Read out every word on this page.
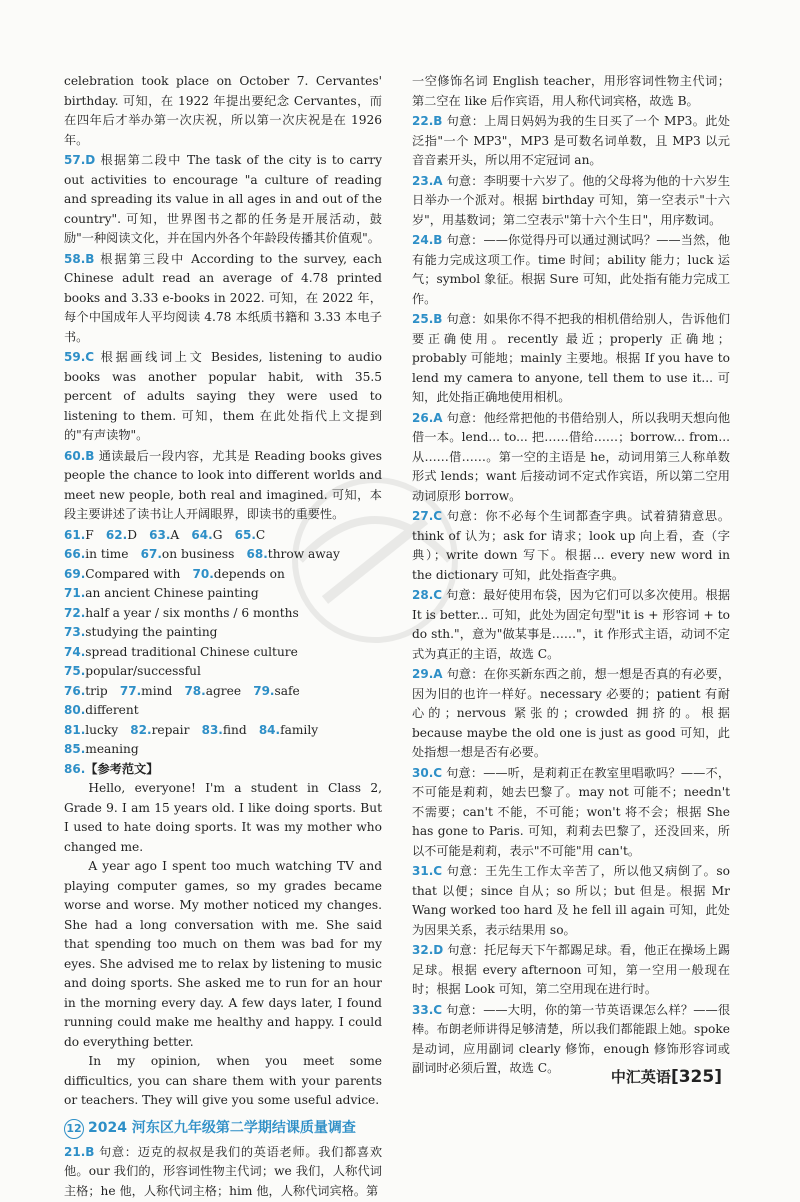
celebration took place on October 7. Cervantes' birthday. 可知，在 1922 年提出要纪念 Cervantes，而在四年后才举办第一次庆祝，所以第一次庆祝是在 1926 年。

57.D 根据第二段中 The task of the city is to carry out activities to encourage "a culture of reading and spreading its value in all ages in and out of the country". 可知，世界图书之都的任务是开展活动，鼓励"一种阅读文化，并在国内外各个年龄段传播其价值观"。

58.B 根据第三段中 According to the survey, each Chinese adult read an average of 4.78 printed books and 3.33 e-books in 2022. 可知，在 2022 年，每个中国成年人平均阅读 4.78 本纸质书籍和 3.33 本电子书。

59.C 根据画线词上文 Besides, listening to audio books was another popular habit, with 35.5 percent of adults saying they were used to listening to them. 可知，them 在此处指代上文提到的"有声读物"。

60.B 通读最后一段内容，尤其是 Reading books gives people the chance to look into different worlds and meet new people, both real and imagined. 可知，本段主要讲述了读书让人开阔眼界，即读书的重要性。

61.F  62.D  63.A  64.G  65.C

66.in time  67.on business  68.throw away

69.Compared with  70.depends on

71.an ancient Chinese painting

72.half a year / six months / 6 months

73.studying the painting

74.spread traditional Chinese culture

75.popular/successful

76.trip  77.mind  78.agree  79.safe 80.different

81.lucky  82.repair  83.find  84.family 85.meaning

86.【参考范文】

Hello, everyone! I'm a student in Class 2, Grade 9. I am 15 years old. I like doing sports. But I used to hate doing sports. It was my mother who changed me.

A year ago I spent too much watching TV and playing computer games, so my grades became worse and worse. My mother noticed my changes. She had a long conversation with me. She said that spending too much on them was bad for my eyes. She advised me to relax by listening to music and doing sports. She asked me to run for an hour in the morning every day. A few days later, I found running could make me healthy and happy. I could do everything better.

In my opinion, when you meet some difficultics, you can share them with your parents or teachers. They will give you some useful advice.

12 2024 河东区九年级第二学期结课质量调查

21.B 句意：迈克的叔叔是我们的英语老师。我们都喜欢他。our 我们的，形容词性物主代词；we 我们，人称代词主格；he 他，人称代词主格；him 他，人称代词宾格。第

一空修饰名词 English teacher，用形容词性物主代词；第二空在 like 后作宾语，用人称代词宾格，故选 B。

22.B 句意：上周日妈妈为我的生日买了一个 MP3。此处泛指"一个 MP3"，MP3 是可数名词单数，且 MP3 以元音音素开头，所以用不定冠词 an。

23.A 句意：李明要十六岁了。他的父母将为他的十六岁生日举办一个派对。根据 birthday 可知，第一空表示"十六岁"，用基数词；第二空表示"第十六个生日"，用序数词。

24.B 句意：——你觉得丹可以通过测试吗？——当然，他有能力完成这项工作。time 时间；ability 能力；luck 运气；symbol 象征。根据 Sure 可知，此处指有能力完成工作。

25.B 句意：如果你不得不把我的相机借给别人，告诉他们要正确使用。recently 最近；properly 正确地；probably 可能地；mainly 主要地。根据 If you have to lend my camera to anyone, tell them to use it... 可知，此处指正确地使用相机。

26.A 句意：他经常把他的书借给别人，所以我明天想向他借一本。lend... to... 把……借给……；borrow... from... 从……借……。第一空的主语是 he，动词用第三人称单数形式 lends；want 后接动词不定式作宾语，所以第二空用动词原形 borrow。

27.C 句意：你不必每个生词都查字典。试着猜猜意思。think of 认为；ask for 请求；look up 向上看，查（字典）；write down 写下。根据... every new word in the dictionary 可知，此处指查字典。

28.C 句意：最好使用布袋，因为它们可以多次使用。根据 It is better... 可知，此处为固定句型"it is + 形容词 + to do sth."，意为"做某事是……"，it 作形式主语，动词不定式为真正的主语，故选 C。

29.A 句意：在你买新东西之前，想一想是否真的有必要，因为旧的也许一样好。necessary 必要的；patient 有耐心的；nervous 紧张的；crowded 拥挤的。根据 because maybe the old one is just as good 可知，此处指想一想是否有必要。

30.C 句意：——听，是莉莉正在教室里唱歌吗？——不，不可能是莉莉，她去巴黎了。may not 可能不；needn't 不需要；can't 不能，不可能；won't 将不会；根据 She has gone to Paris. 可知，莉莉去巴黎了，还没回来，所以不可能是莉莉，表示"不可能"用 can't。

31.C 句意：王先生工作太辛苦了，所以他又病倒了。so that 以便；since 自从；so 所以；but 但是。根据 Mr Wang worked too hard 及 he fell ill again 可知，此处为因果关系，表示结果用 so。

32.D 句意：托尼每天下午都踢足球。看，他正在操场上踢足球。根据 every afternoon 可知，第一空用一般现在时；根据 Look 可知，第二空用现在进行时。

33.C 句意：——大明，你的第一节英语课怎么样？——很棒。布朗老师讲得足够清楚，所以我们都能跟上她。spoke 是动词，应用副词 clearly 修饰，enough 修饰形容词或副词时必须后置，故选 C。	中汇英语[325]
